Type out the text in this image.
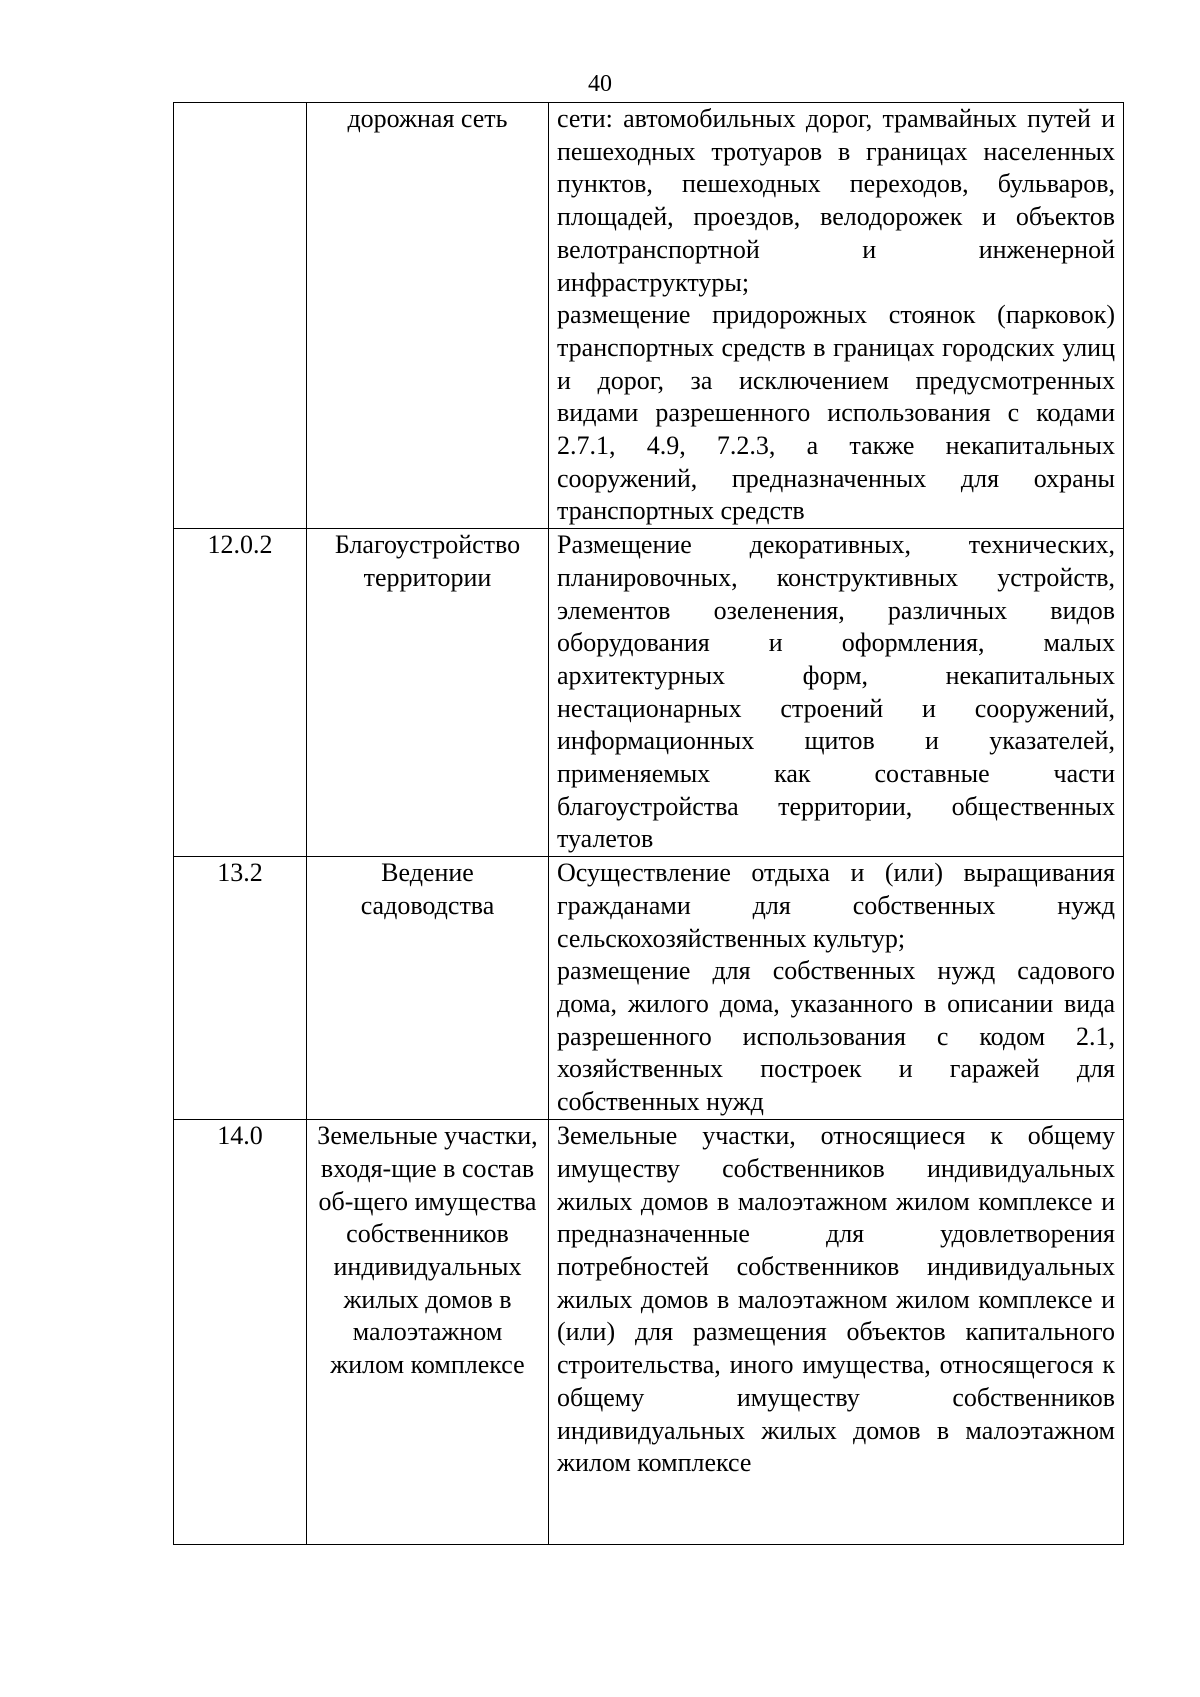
40
	дорожная сеть	сети: автомобильных дорог, трамвайных путей и пешеходных тротуаров в границах населенных пунктов, пешеходных переходов, бульваров, площадей, проездов, велодорожек и объектов велотранспортной и инженерной инфраструктуры;
размещение придорожных стоянок (парковок) транспортных средств в границах городских улиц и дорог, за исключением предусмотренных видами разрешенного использования с кодами 2.7.1, 4.9, 7.2.3, а также некапитальных сооружений, предназначенных для охраны транспортных средств

12.0.2	Благоустройство территории	Размещение декоративных, технических, планировочных, конструктивных устройств, элементов озеленения, различных видов оборудования и оформления, малых архитектурных форм, некапитальных нестационарных строений и сооружений, информационных щитов и указателей, применяемых как составные части благоустройства территории, общественных туалетов

13.2	Ведение садоводства	Осуществление отдыха и (или) выращивания гражданами для собственных нужд сельскохозяйственных культур;
размещение для собственных нужд садового дома, жилого дома, указанного в описании вида разрешенного использования с кодом 2.1, хозяйственных построек и гаражей для собственных нужд

14.0	Земельные участки, входя-щие в состав об-щего имущества собственников индивидуальных жилых домов в малоэтажном жилом комплексе	Земельные участки, относящиеся к общему имуществу собственников индивидуальных жилых домов в малоэтажном жилом комплексе и предназначенные для удовлетворения потребностей собственников индивидуальных жилых домов в малоэтажном жилом комплексе и (или) для размещения объектов капитального строительства, иного имущества, относящегося к общему имуществу собственников индивидуальных жилых домов в малоэтажном жилом комплексе
